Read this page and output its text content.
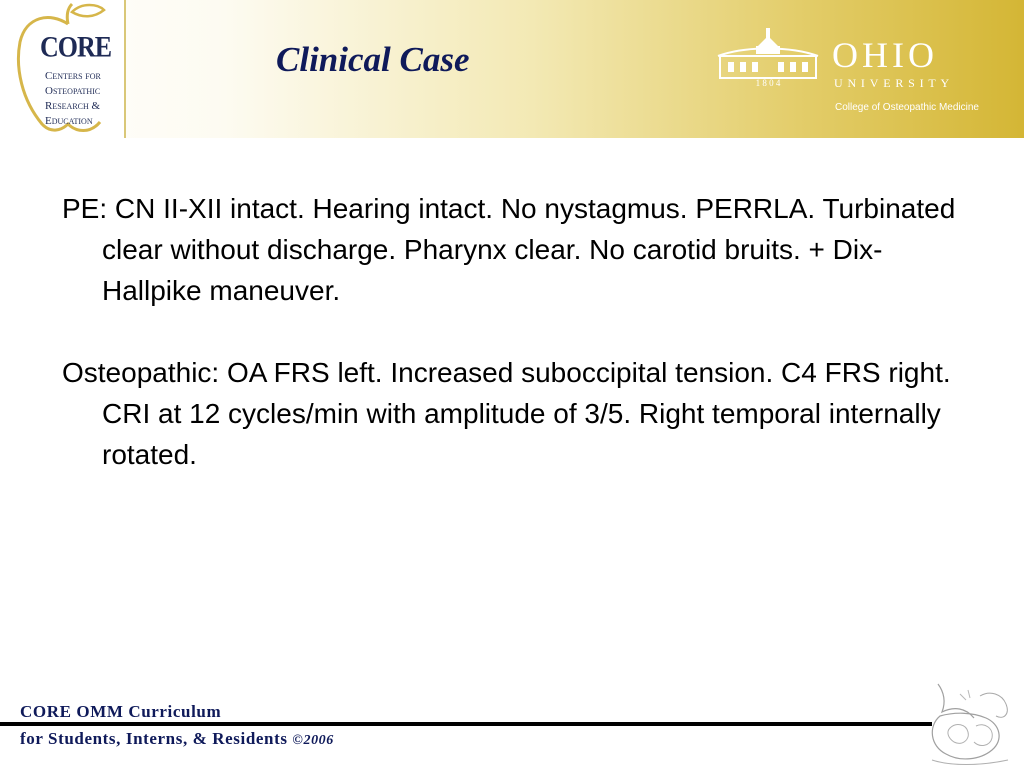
CORE
Centers for
Osteopathic
Research &
Education
Clinical Case
1 8 0 4
OHIO
UNIVERSITY
College of Osteopathic Medicine

PE: CN II-XII intact. Hearing intact. No nystagmus. PERRLA. Turbinated clear without discharge. Pharynx clear. No carotid bruits. + Dix-Hallpike maneuver.

Osteopathic: OA FRS left. Increased suboccipital tension. C4 FRS right. CRI at 12 cycles/min with amplitude of 3/5. Right temporal internally rotated.

CORE OMM Curriculum
for Students, Interns, & Residents ©2006
